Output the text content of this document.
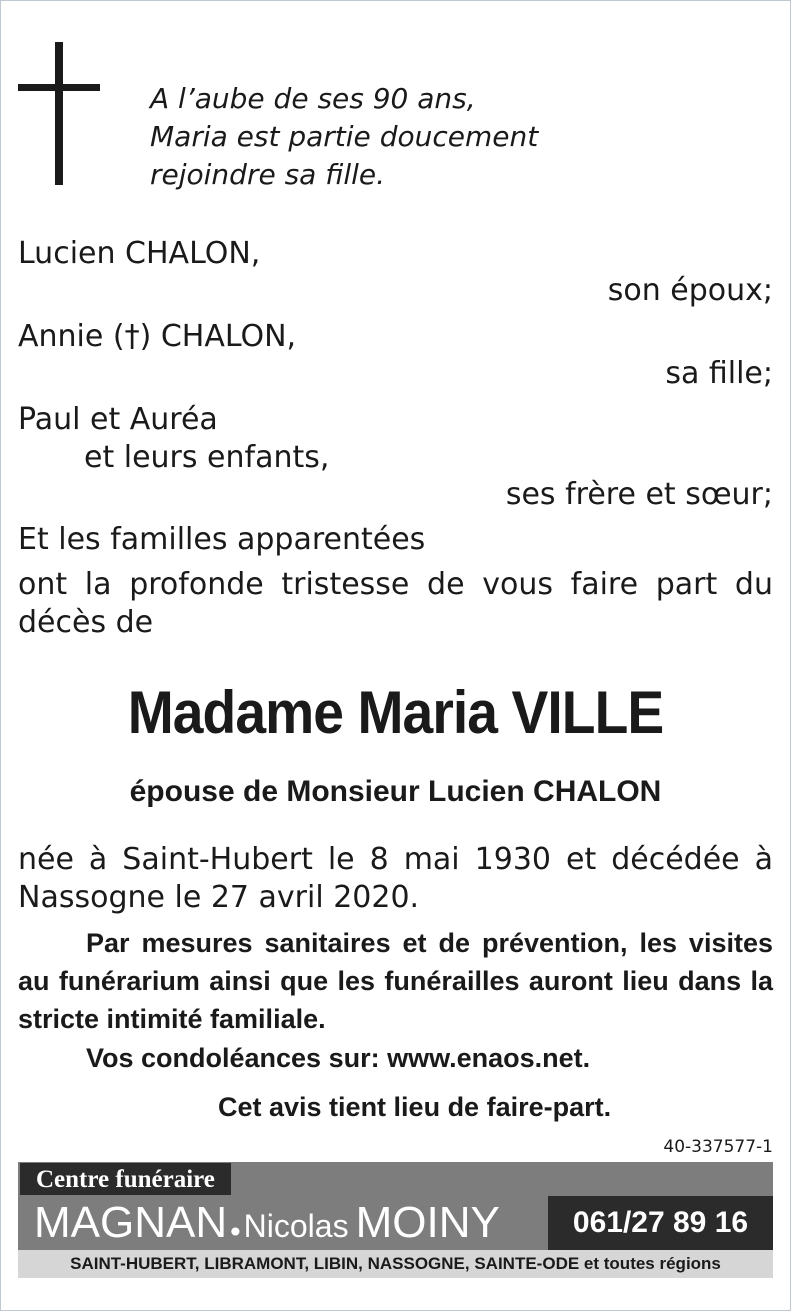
A l’aube de ses 90 ans,
Maria est partie doucement
rejoindre sa fille.
Lucien CHALON,
son époux;
Annie (†) CHALON,
sa fille;
Paul et Auréa
et leurs enfants,
ses frère et sœur;
Et les familles apparentées
ont la profonde tristesse de vous faire part du décès de
Madame Maria VILLE
épouse de Monsieur Lucien CHALON
née à Saint-Hubert le 8 mai 1930 et décédée à Nassogne le 27 avril 2020.
Par mesures sanitaires et de prévention, les visites au funérarium ainsi que les funérailles auront lieu dans la stricte intimité familiale.
Vos condoléances sur: www.enaos.net.
Cet avis tient lieu de faire-part.
40-337577-1
Centre funéraire
MAGNAN•Nicolas MOINY	061/27 89 16
SAINT-HUBERT, LIBRAMONT, LIBIN, NASSOGNE, SAINTE-ODE et toutes régions
